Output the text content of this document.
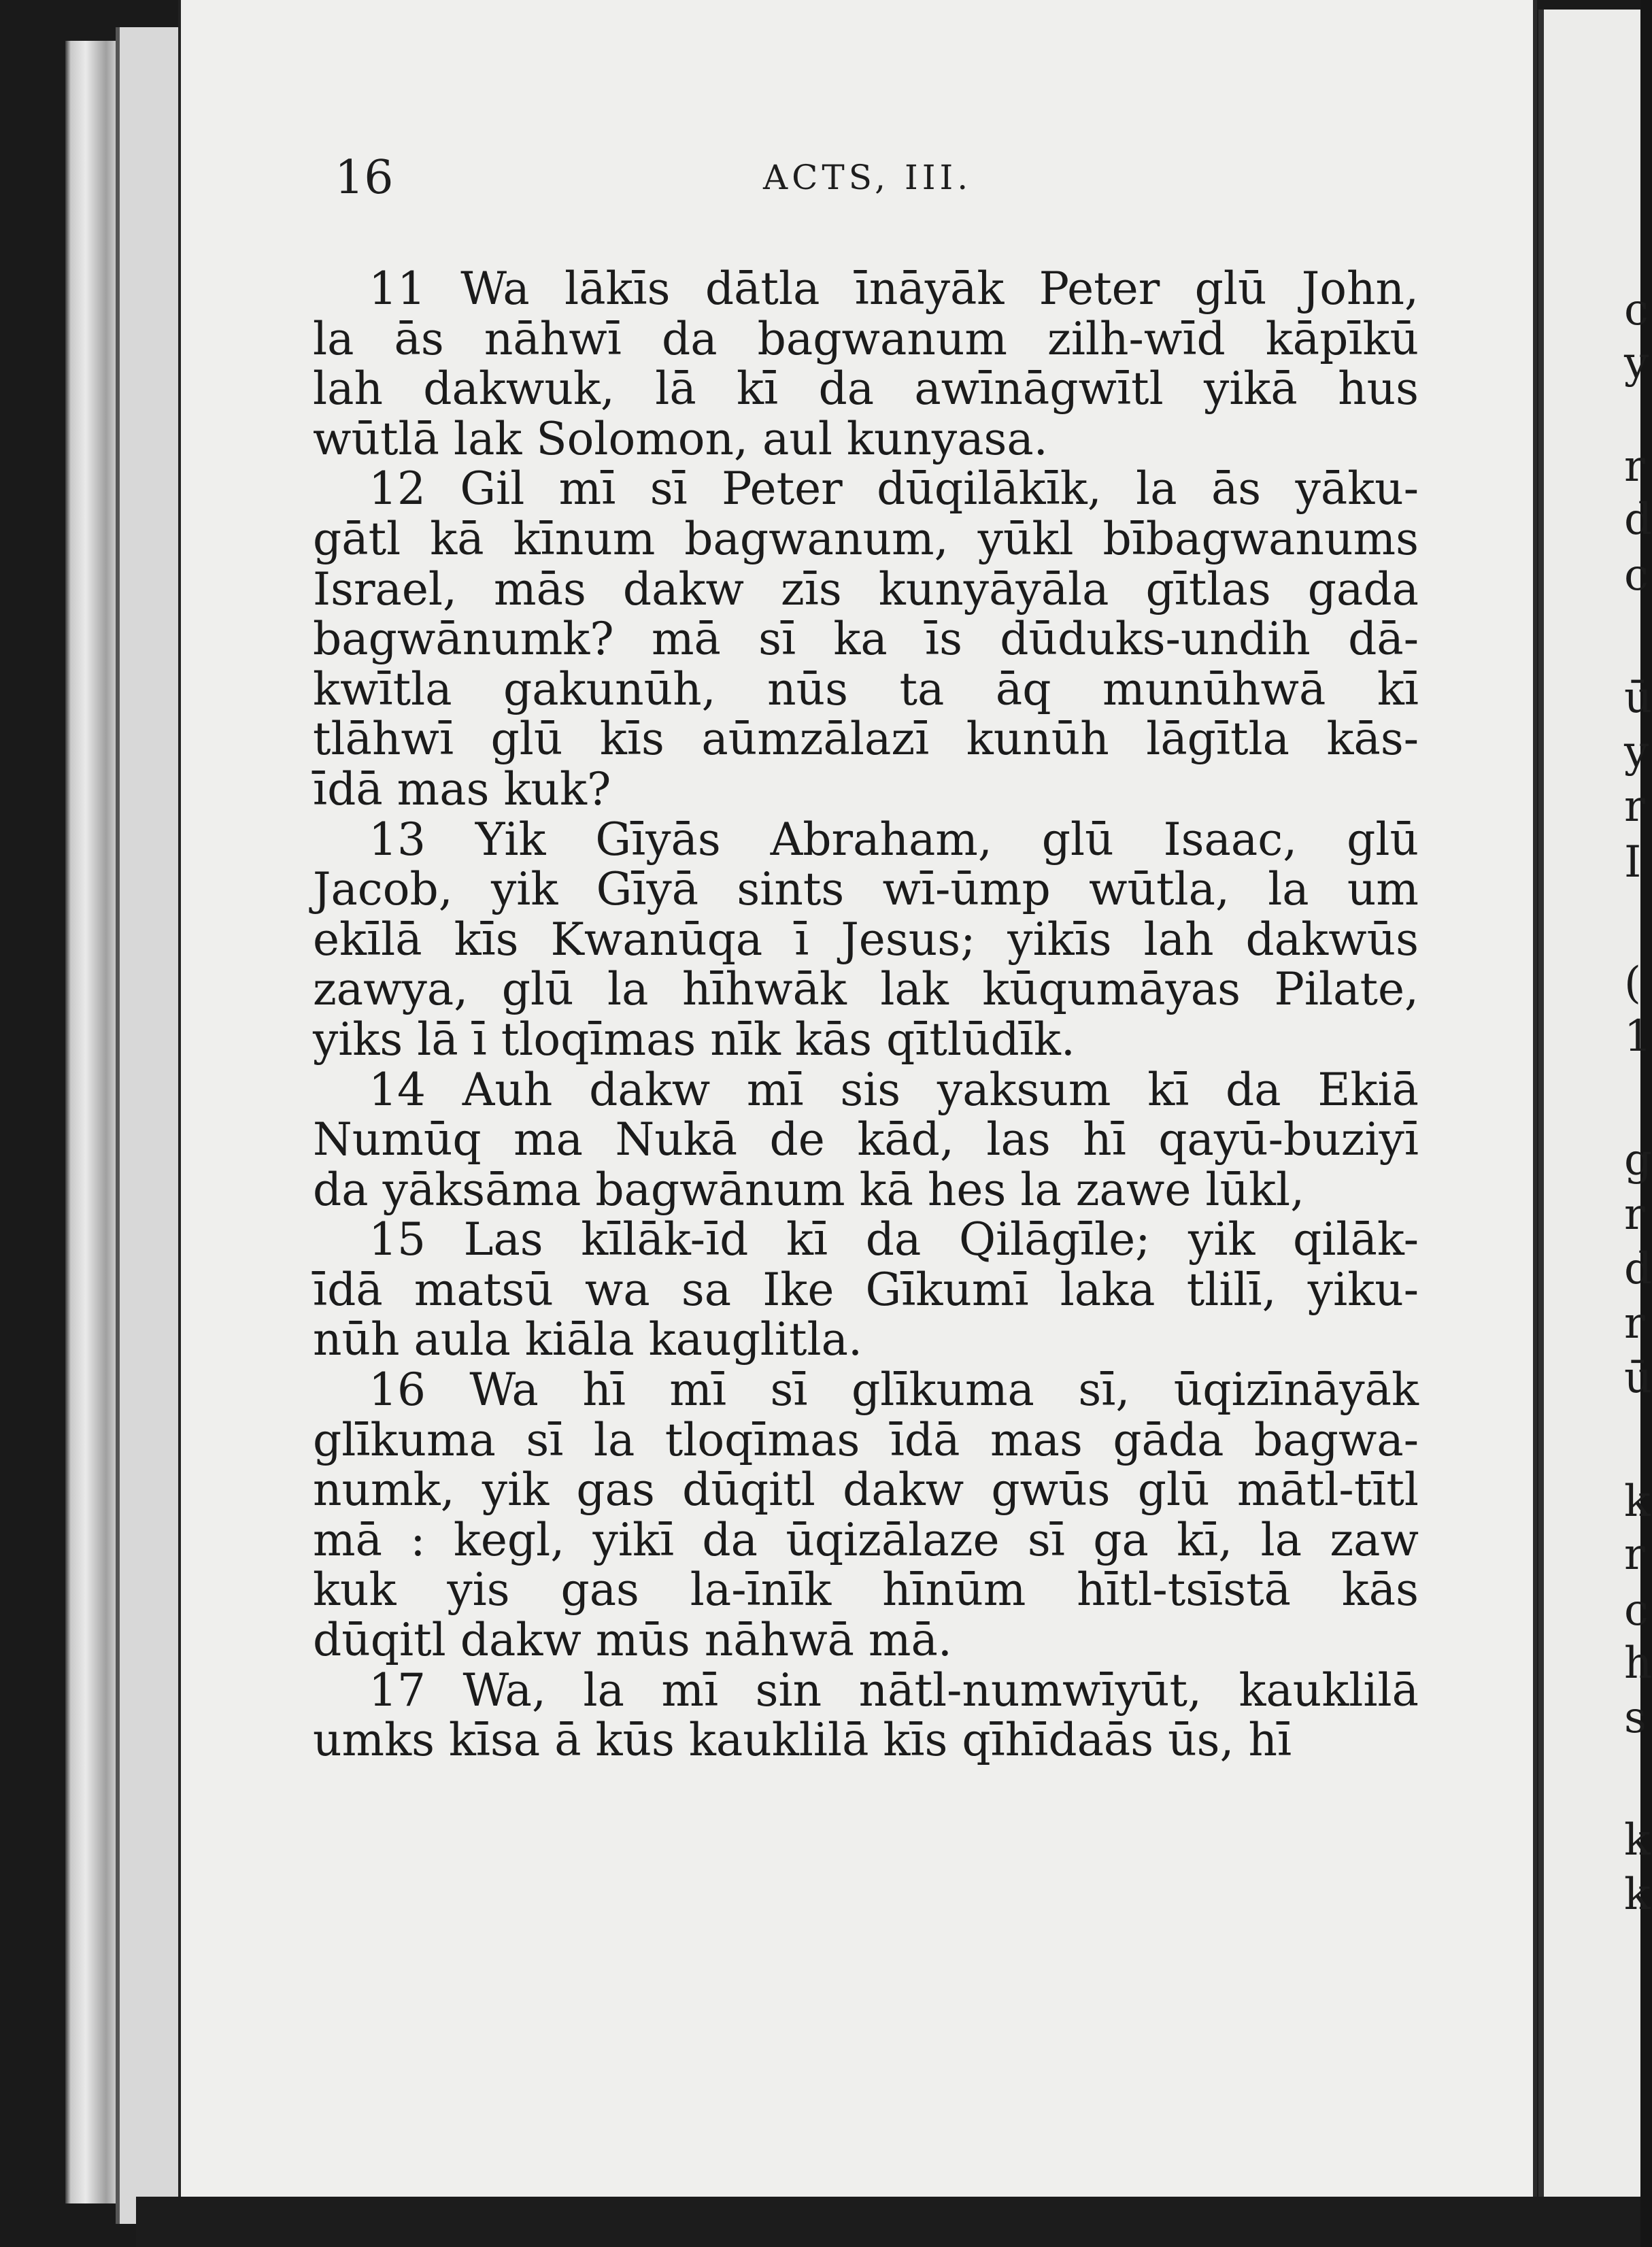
16	ACTS, III.
11 Wa lākīs dātla īnāyāk Peter glū John,
la ās nāhwī da bagwanum zilh-wīd kāpīkū
lah dakwuk, lā kī da awīnāgwītl yikā hus
wūtlā lak Solomon, aul kunyasa.
12 Gil mī sī Peter dūqilākīk, la ās yāku-
gātl kā kīnum bagwanum, yūkl bībagwanums
Israel, mās dakw zīs kunyāyāla gītlas gada
bagwānumk? mā sī ka īs dūduks-undih dā-
kwītla gakunūh, nūs ta āq munūhwā kī
tlāhwī glū kīs aūmzālazī kunūh lāgītla kās-
īdā mas kuk?
13 Yik Gīyās Abraham, glū Isaac, glū
Jacob, yik Gīyā sints wī-ūmp wūtla, la um
ekīlā kīs Kwanūqa ī Jesus; yikīs lah dakwūs
zawya, glū la hīhwāk lak kūqumāyas Pilate,
yiks lā ī tloqīmas nīk kās qītlūdīk.
14 Auh dakw mī sis yaksum kī da Ekiā
Numūq ma Nukā de kād, las hī qayū-buziyī
da yāksāma bagwānum kā hes la zawe lūkl,
15 Las kīlāk-īd kī da Qilāgīle; yik qilāk-
īdā matsū wa sa Ike Gīkumī laka tlilī, yiku-
nūh aula kiāla kauglitla.
16 Wa hī mī sī glīkuma sī, ūqizīnāyāk
glīkuma sī la tloqīmas īdā mas gāda bagwa-
numk, yik gas dūqitl dakw gwūs glū mātl-tītl
mā : kegl, yikī da ūqizālaze sī ga kī, la zaw
kuk yis gas la-īnīk hīnūm hītl-tsīstā kās
dūqitl dakw mūs nāhwā mā.
17 Wa, la mī sin nātl-numwīyūt, kauklilā
umks kīsa ā kūs kauklilā kīs qīhīdaās ūs, hī
c
y
r
d
c
ū
y
r
I
(
1
g
r
d
r
ū
k
r
c
h
s
k
k
